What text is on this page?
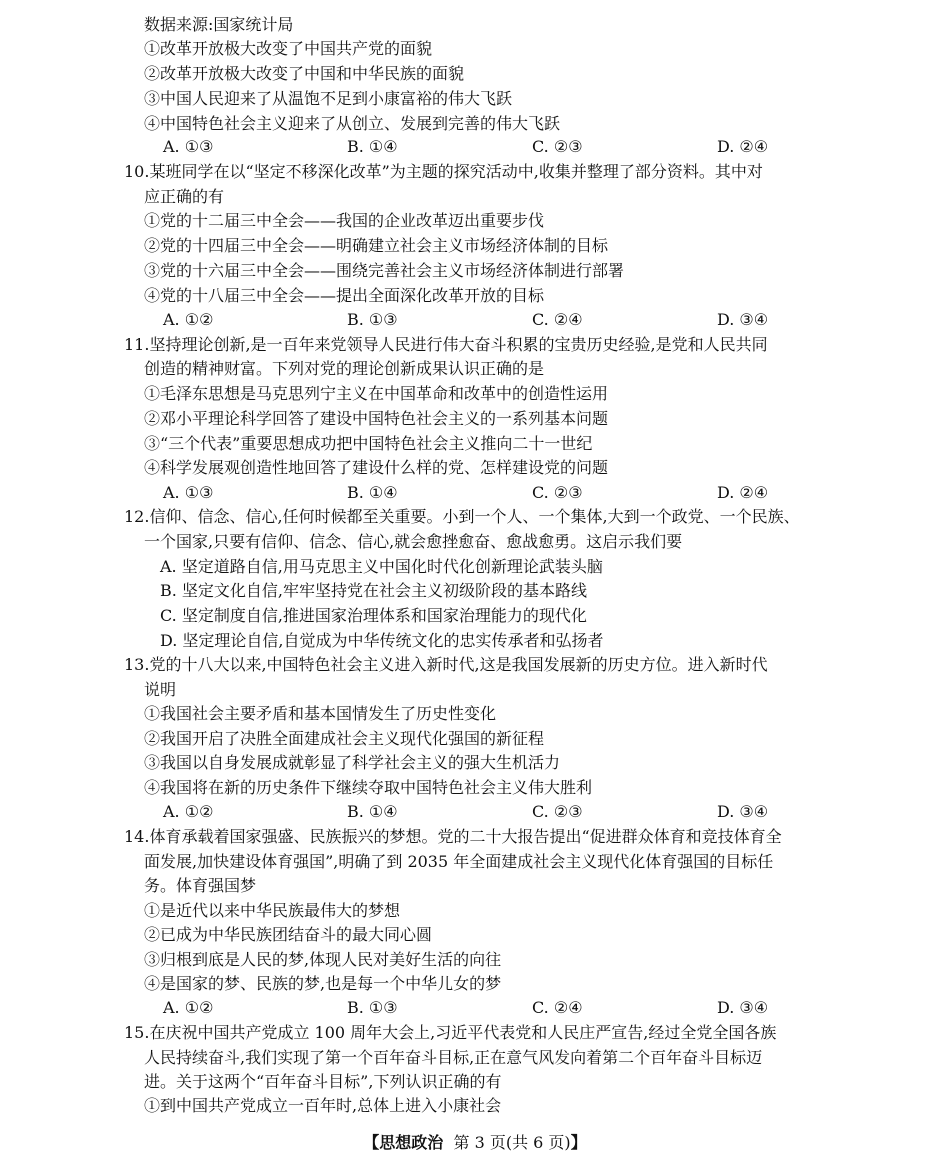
数据来源:国家统计局
①改革开放极大改变了中国共产党的面貌
②改革开放极大改变了中国和中华民族的面貌
③中国人民迎来了从温饱不足到小康富裕的伟大飞跃
④中国特色社会主义迎来了从创立、发展到完善的伟大飞跃
A. ①③	B. ①④	C. ②③	D. ②④
10.某班同学在以“坚定不移深化改革”为主题的探究活动中,收集并整理了部分资料。其中对
应正确的有
①党的十二届三中全会——我国的企业改革迈出重要步伐
②党的十四届三中全会——明确建立社会主义市场经济体制的目标
③党的十六届三中全会——围绕完善社会主义市场经济体制进行部署
④党的十八届三中全会——提出全面深化改革开放的目标
A. ①②	B. ①③	C. ②④	D. ③④
11.坚持理论创新,是一百年来党领导人民进行伟大奋斗积累的宝贵历史经验,是党和人民共同
创造的精神财富。下列对党的理论创新成果认识正确的是
①毛泽东思想是马克思列宁主义在中国革命和改革中的创造性运用
②邓小平理论科学回答了建设中国特色社会主义的一系列基本问题
③“三个代表”重要思想成功把中国特色社会主义推向二十一世纪
④科学发展观创造性地回答了建设什么样的党、怎样建设党的问题
A. ①③	B. ①④	C. ②③	D. ②④
12.信仰、信念、信心,任何时候都至关重要。小到一个人、一个集体,大到一个政党、一个民族、
一个国家,只要有信仰、信念、信心,就会愈挫愈奋、愈战愈勇。这启示我们要
A. 坚定道路自信,用马克思主义中国化时代化创新理论武装头脑
B. 坚定文化自信,牢牢坚持党在社会主义初级阶段的基本路线
C. 坚定制度自信,推进国家治理体系和国家治理能力的现代化
D. 坚定理论自信,自觉成为中华传统文化的忠实传承者和弘扬者
13.党的十八大以来,中国特色社会主义进入新时代,这是我国发展新的历史方位。进入新时代
说明
①我国社会主要矛盾和基本国情发生了历史性变化
②我国开启了决胜全面建成社会主义现代化强国的新征程
③我国以自身发展成就彰显了科学社会主义的强大生机活力
④我国将在新的历史条件下继续夺取中国特色社会主义伟大胜利
A. ①②	B. ①④	C. ②③	D. ③④
14.体育承载着国家强盛、民族振兴的梦想。党的二十大报告提出“促进群众体育和竞技体育全
面发展,加快建设体育强国”,明确了到 2035 年全面建成社会主义现代化体育强国的目标任
务。体育强国梦
①是近代以来中华民族最伟大的梦想
②已成为中华民族团结奋斗的最大同心圆
③归根到底是人民的梦,体现人民对美好生活的向往
④是国家的梦、民族的梦,也是每一个中华儿女的梦
A. ①②	B. ①③	C. ②④	D. ③④
15.在庆祝中国共产党成立 100 周年大会上,习近平代表党和人民庄严宣告,经过全党全国各族
人民持续奋斗,我们实现了第一个百年奋斗目标,正在意气风发向着第二个百年奋斗目标迈
进。关于这两个“百年奋斗目标”,下列认识正确的有
①到中国共产党成立一百年时,总体上进入小康社会
【思想政治 第 3 页(共 6 页)】
